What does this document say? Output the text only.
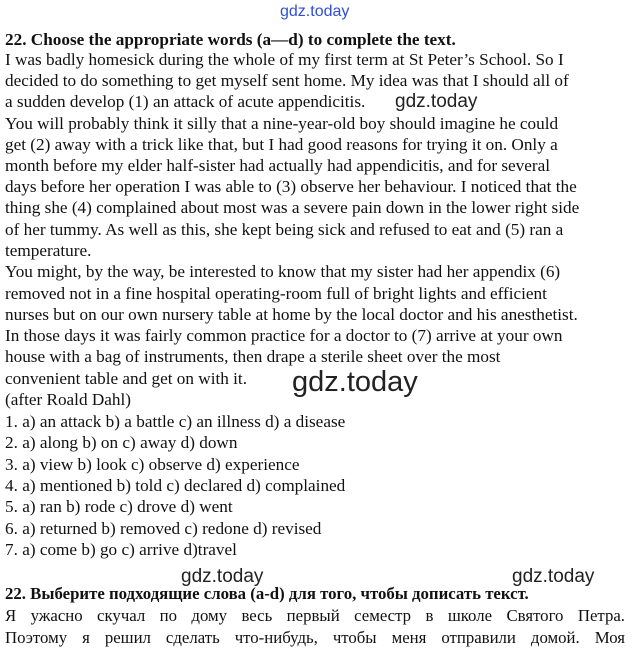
gdz.today
22. Choose the appropriate words (a—d) to complete the text.
I was badly homesick during the whole of my first term at St Peter’s School. So I
decided to do something to get myself sent home. My idea was that I should all of
a sudden develop (1) an attack of acute appendicitis. gdz.today
You will probably think it silly that a nine-year-old boy should imagine he could
get (2) away with a trick like that, but I had good reasons for trying it on. Only a
month before my elder half-sister had actually had appendicitis, and for several
days before her operation I was able to (3) observe her behaviour. I noticed that the
thing she (4) complained about most was a severe pain down in the lower right side
of her tummy. As well as this, she kept being sick and refused to eat and (5) ran a
temperature.
You might, by the way, be interested to know that my sister had her appendix (6)
removed not in a fine hospital operating-room full of bright lights and efficient
nurses but on our own nursery table at home by the local doctor and his anesthetist.
In those days it was fairly common practice for a doctor to (7) arrive at your own
house with a bag of instruments, then drape a sterile sheet over the most
convenient table and get on with it. gdz.today
(after Roald Dahl)
1. a) an attack b) a battle c) an illness d) a disease
2. a) along b) on c) away d) down
3. a) view b) look c) observe d) experience
4. a) mentioned b) told c) declared d) complained
5. a) ran b) rode c) drove d) went
6. a) returned b) removed c) redone d) revised
7. a) come b) go c) arrive d)travel
gdz.today	gdz.today
22. Выберите подходящие слова (a-d) для того, чтобы дописать текст.
Я ужасно скучал по дому весь первый семестр в школе Святого Петра.
Поэтому я решил сделать что-нибудь, чтобы меня отправили домой. Моя
